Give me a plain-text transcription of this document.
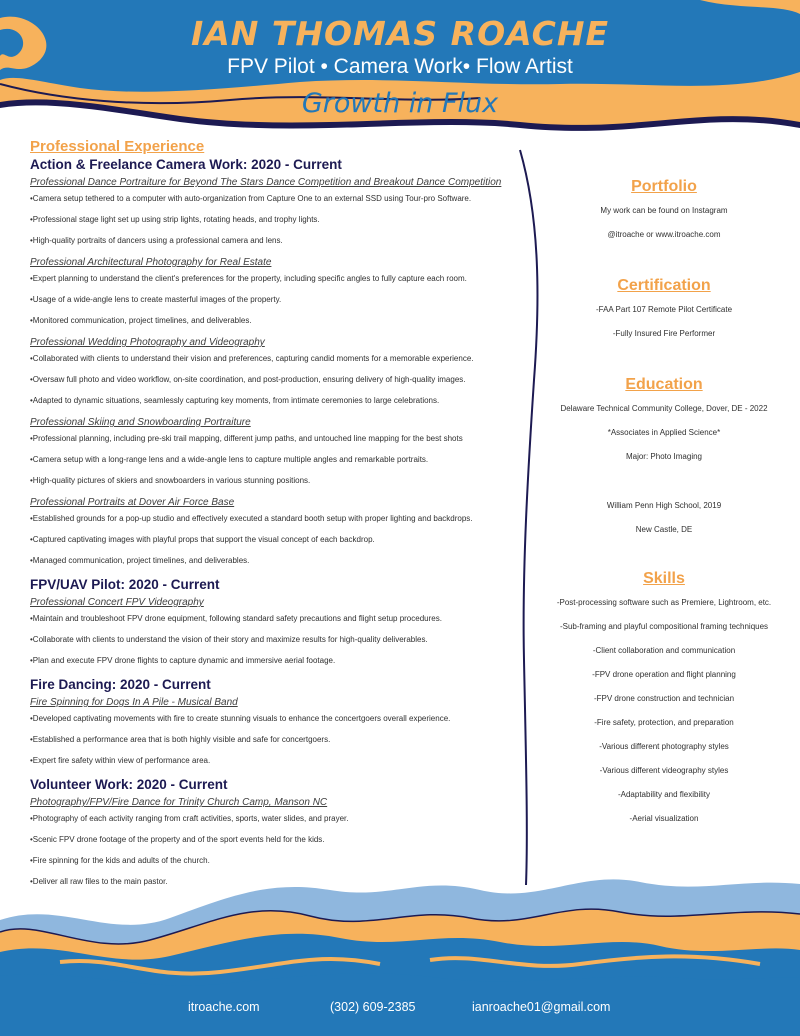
IAN THOMAS ROACHE
FPV Pilot • Camera Work• Flow Artist
Growth in Flux
Professional Experience
Action & Freelance Camera Work: 2020 - Current
Professional Dance Portraiture for Beyond The Stars Dance Competition and Breakout Dance Competition
•Camera setup tethered to a computer with auto-organization from Capture One to an external SSD using Tour-pro Software.
•Professional stage light set up using strip lights, rotating heads, and trophy lights.
•High-quality portraits of dancers using a professional camera and lens.
Professional Architectural Photography for Real Estate
•Expert planning to understand the client's preferences for the property, including specific angles to fully capture each room.
•Usage of a wide-angle lens to create masterful images of the property.
•Monitored communication, project timelines, and deliverables.
Professional Wedding Photography and Videography
•Collaborated with clients to understand their vision and preferences, capturing candid moments for a memorable experience.
•Oversaw full photo and video workflow, on-site coordination, and post-production, ensuring delivery of high-quality images.
•Adapted to dynamic situations, seamlessly capturing key moments, from intimate ceremonies to large celebrations.
Professional Skiing and Snowboarding Portraiture
•Professional planning, including pre-ski trail mapping, different jump paths, and untouched line mapping for the best shots
•Camera setup with a long-range lens and a wide-angle lens to capture multiple angles and remarkable portraits.
•High-quality pictures of skiers and snowboarders in various stunning positions.
Professional Portraits at Dover Air Force Base
•Established grounds for a pop-up studio and effectively executed a standard booth setup with proper lighting and backdrops.
•Captured captivating images with playful props that support the visual concept of each backdrop.
•Managed communication, project timelines, and deliverables.
FPV/UAV Pilot: 2020 - Current
Professional Concert FPV Videography
•Maintain and troubleshoot FPV drone equipment, following standard safety precautions and flight setup procedures.
•Collaborate with clients to understand the vision of their story and maximize results for high-quality deliverables.
•Plan and execute FPV drone flights to capture dynamic and immersive aerial footage.
Fire Dancing: 2020 - Current
Fire Spinning for Dogs In A Pile - Musical Band
•Developed captivating movements with fire to create stunning visuals to enhance the concertgoers overall experience.
•Established a performance area that is both highly visible and safe for concertgoers.
•Expert fire safety within view of performance area.
Volunteer Work: 2020 - Current
Photography/FPV/Fire Dance for Trinity Church Camp, Manson NC
•Photography of each activity ranging from craft activities, sports, water slides, and prayer.
•Scenic FPV drone footage of the property and of the sport events held for the kids.
•Fire spinning for the kids and adults of the church.
•Deliver all raw files to the main pastor.
Portfolio
My work can be found on Instagram
@itroache or www.itroache.com
Certification
-FAA Part 107 Remote Pilot Certificate
-Fully Insured Fire Performer
Education
Delaware Technical Community College, Dover, DE - 2022
*Associates in Applied Science*
Major: Photo Imaging
William Penn High School, 2019
New Castle, DE
Skills
-Post-processing software such as Premiere, Lightroom, etc.
-Sub-framing and playful compositional framing techniques
-Client collaboration and communication
-FPV drone operation and flight planning
-FPV drone construction and technician
-Fire safety, protection, and preparation
-Various different photography styles
-Various different videography styles
-Adaptability and flexibility
-Aerial visualization
itroache.com	(302) 609-2385	ianroache01@gmail.com
